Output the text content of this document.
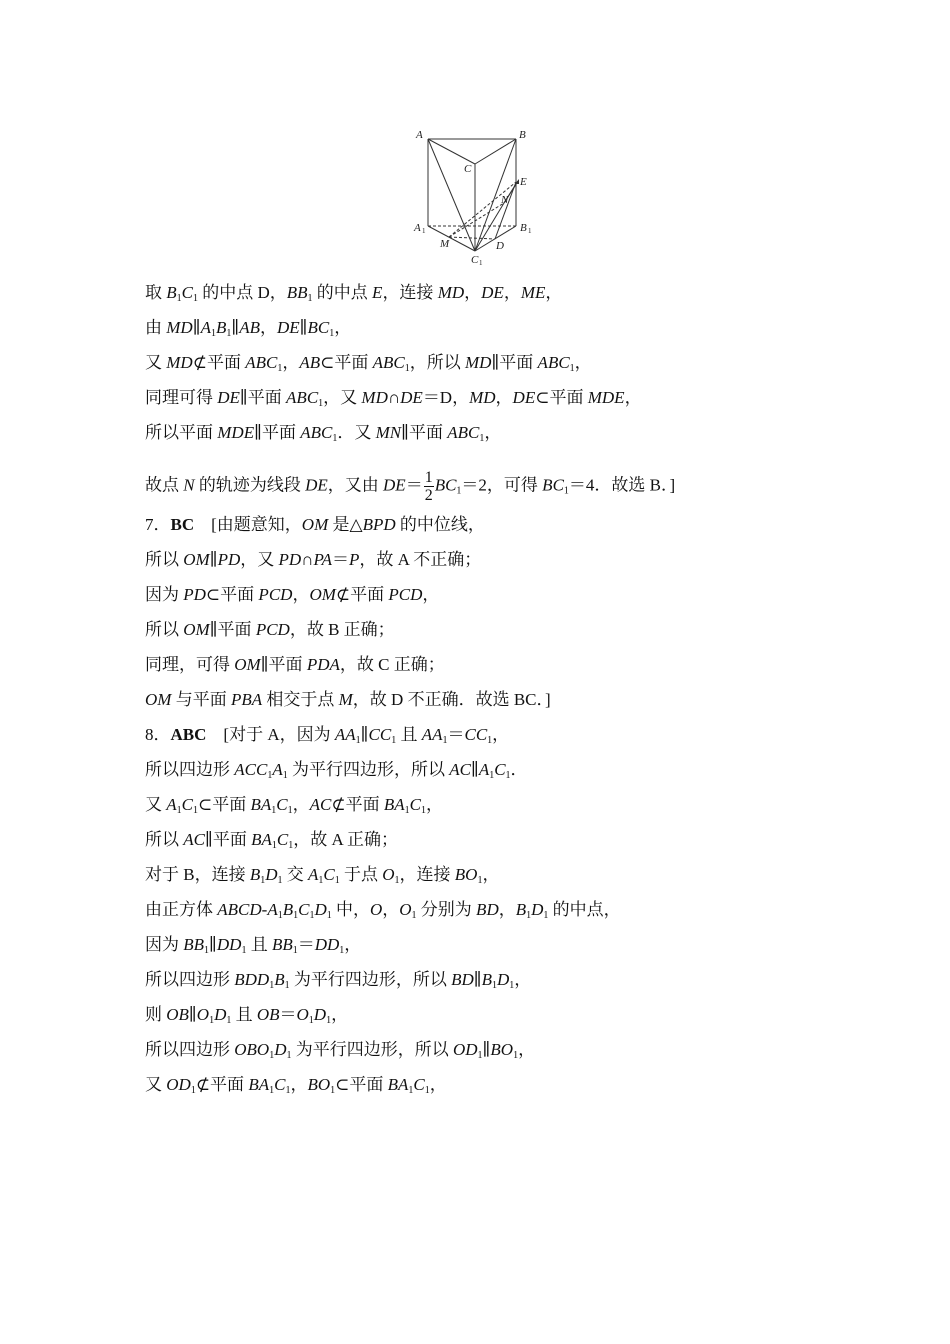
A	B
C
E
N
A 1	B 1
M	D
C 1
取 $B_1C_1$ 的中点 D，$BB_1$ 的中点 E，连接 MD，DE，ME，
由 $MD\parallel A_1B_1\parallel AB$，$DE\parallel BC_1$，
又 MD⊄平面 $ABC_1$，AB⊂平面 $ABC_1$，所以 MD∥平面 $ABC_1$，
同理可得 DE∥平面 $ABC_1$，又 MD∩DE＝D，MD，DE⊂平面 MDE，
所以平面 MDE∥平面 $ABC_1$．又 MN∥平面 $ABC_1$，
故点 N 的轨迹为线段 DE，又由 $DE= \frac{1}{2} BC_1=2$，可得 $BC_1=4$．故选 B．]
7．BC　[由题意知，OM 是△BPD 的中位线，
所以 OM∥PD，又 PD∩PA＝P，故 A 不正确；
因为 PD⊂平面 PCD，OM⊄平面 PCD，
所以 OM∥平面 PCD，故 B 正确；
同理，可得 OM∥平面 PDA，故 C 正确；
OM 与平面 PBA 相交于点 M，故 D 不正确．故选 BC．]
8．ABC　[对于 A，因为 $AA_1\parallel CC_1$ 且 $AA_1=CC_1$，
所以四边形 $ACC_1A_1$ 为平行四边形，所以 $AC\parallel A_1C_1$．
又 $A_1C_1\subset$平面 $BA_1C_1$，AC⊄平面 $BA_1C_1$，
所以 AC∥平面 $BA_1C_1$，故 A 正确；
对于 B，连接 $B_1D_1$ 交 $A_1C_1$ 于点 $O_1$，连接 $BO_1$，
由正方体 ABCD-$A_1B_1C_1D_1$ 中，O，$O_1$ 分别为 BD，$B_1D_1$ 的中点，
因为 $BB_1\parallel DD_1$ 且 $BB_1=DD_1$，
所以四边形 $BDD_1B_1$ 为平行四边形，所以 $BD\parallel B_1D_1$，
则 $OB\parallel O_1D_1$ 且 $OB=O_1D_1$，
所以四边形 $OBO_1D_1$ 为平行四边形，所以 $OD_1\parallel BO_1$，
又 $OD_1⊄$平面 $BA_1C_1$，$BO_1\subset$平面 $BA_1C_1$，
